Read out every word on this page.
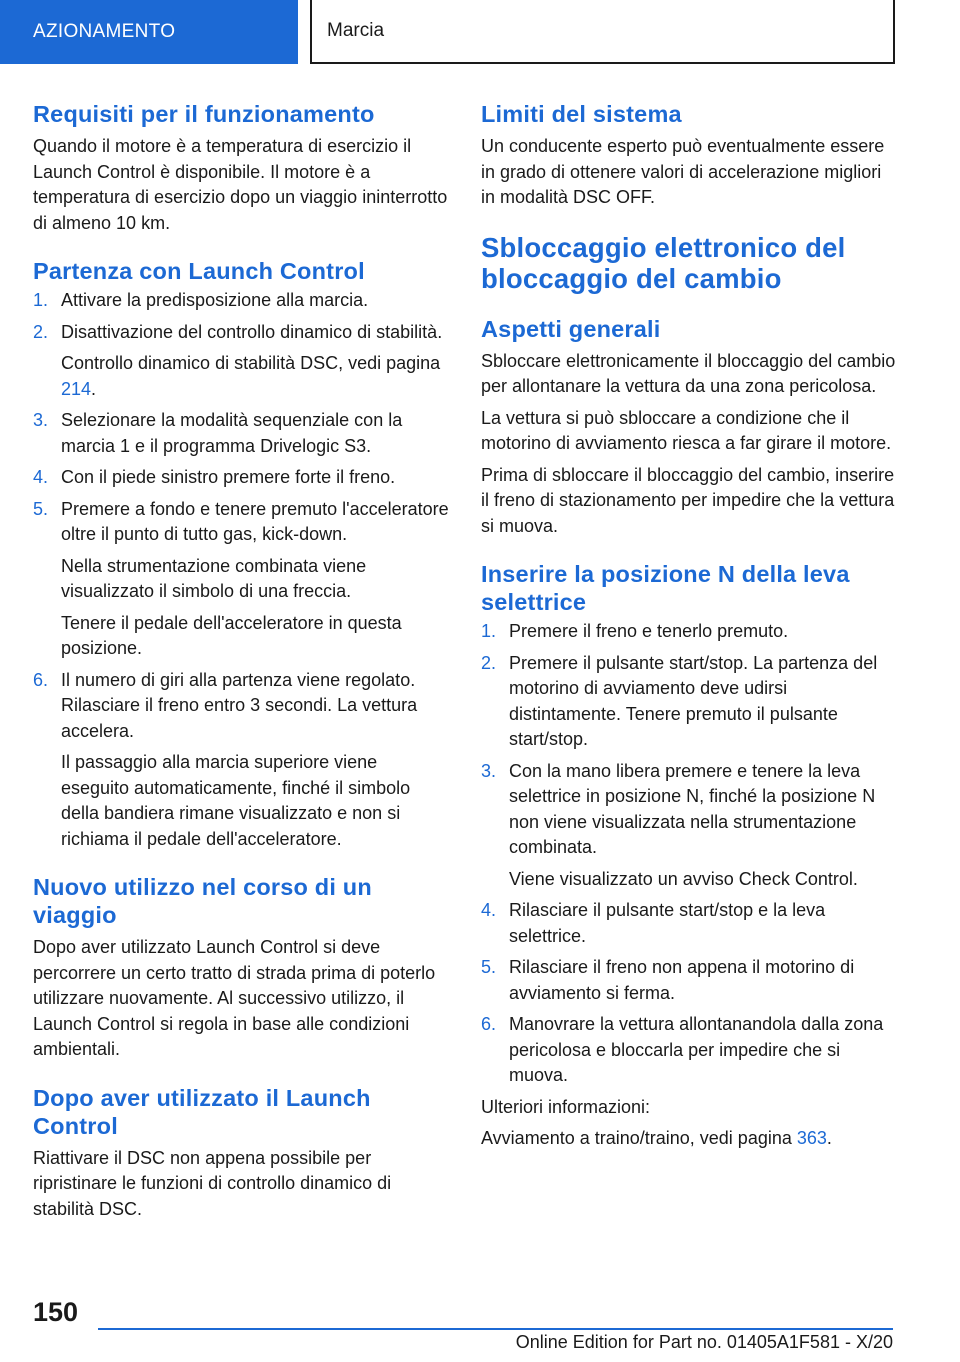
AZIONAMENTO	Marcia
Requisiti per il funzionamento

Quando il motore è a temperatura di esercizio il Launch Control è disponibile. Il motore è a temperatura di esercizio dopo un viaggio ininterrotto di almeno 10 km.

Partenza con Launch Control
1. Attivare la predisposizione alla marcia.

2. Disattivazione del controllo dinamico di stabilità.

Controllo dinamico di stabilità DSC, vedi pagina 214.

3. Selezionare la modalità sequenziale con la marcia 1 e il programma Drivelogic S3.

4. Con il piede sinistro premere forte il freno.

5. Premere a fondo e tenere premuto l'acceleratore oltre il punto di tutto gas, kick-down.

Nella strumentazione combinata viene visualizzato il simbolo di una freccia.

Tenere il pedale dell'acceleratore in questa posizione.

6. Il numero di giri alla partenza viene regolato. Rilasciare il freno entro 3 secondi. La vettura accelera.

Il passaggio alla marcia superiore viene eseguito automaticamente, finché il simbolo della bandiera rimane visualizzato e non si richiama il pedale dell'acceleratore.

Nuovo utilizzo nel corso di un viaggio

Dopo aver utilizzato Launch Control si deve percorrere un certo tratto di strada prima di poterlo utilizzare nuovamente. Al successivo utilizzo, il Launch Control si regola in base alle condizioni ambientali.

Dopo aver utilizzato il Launch Control

Riattivare il DSC non appena possibile per ripristinare le funzioni di controllo dinamico di stabilità DSC.

Limiti del sistema

Un conducente esperto può eventualmente essere in grado di ottenere valori di accelerazione migliori in modalità DSC OFF.

Sbloccaggio elettronico del bloccaggio del cambio
Aspetti generali

Sbloccare elettronicamente il bloccaggio del cambio per allontanare la vettura da una zona pericolosa.

La vettura si può sbloccare a condizione che il motorino di avviamento riesca a far girare il motore.

Prima di sbloccare il bloccaggio del cambio, inserire il freno di stazionamento per impedire che la vettura si muova.

Inserire la posizione N della leva selettrice
1. Premere il freno e tenerlo premuto.

2. Premere il pulsante start/stop. La partenza del motorino di avviamento deve udirsi distintamente. Tenere premuto il pulsante start/stop.

3. Con la mano libera premere e tenere la leva selettrice in posizione N, finché la posizione N non viene visualizzata nella strumentazione combinata.

Viene visualizzato un avviso Check Control.

4. Rilasciare il pulsante start/stop e la leva selettrice.

5. Rilasciare il freno non appena il motorino di avviamento si ferma.

6. Manovrare la vettura allontanandola dalla zona pericolosa e bloccarla per impedire che si muova.

Ulteriori informazioni:

Avviamento a traino/traino, vedi pagina 363.

150
Online Edition for Part no. 01405A1F581 - X/20
